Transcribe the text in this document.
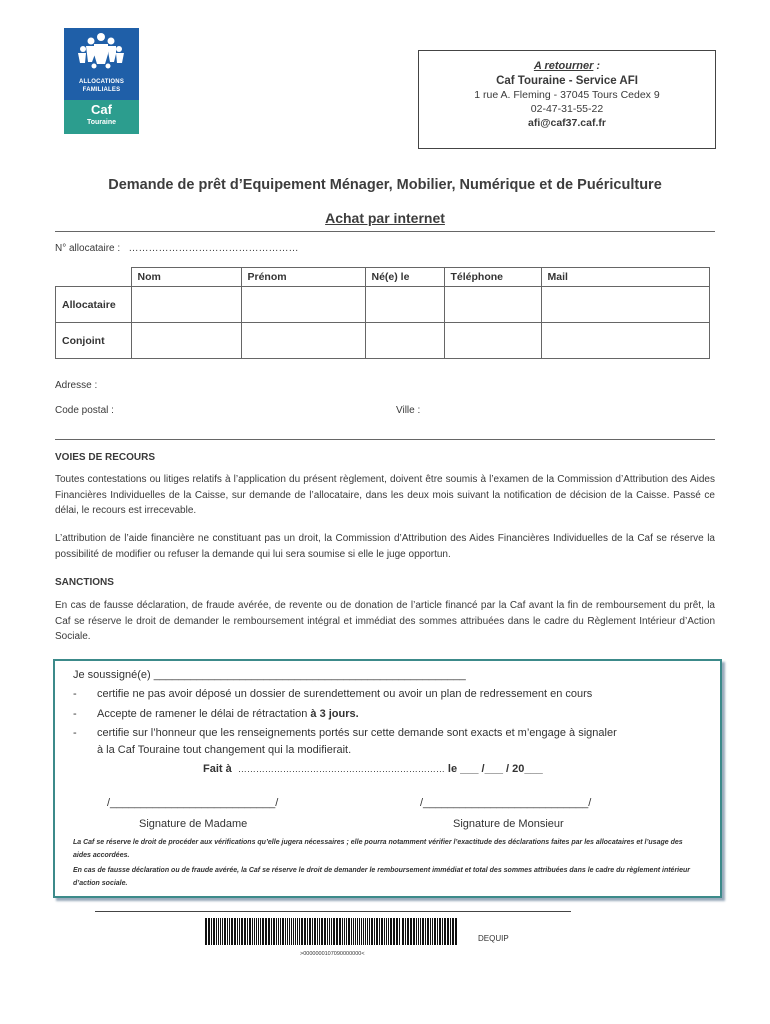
ALLOCATIONS
FAMILIALES
Caf
Touraine
A retourner :
Caf Touraine - Service AFI
1 rue A. Fleming - 37045 Tours Cedex 9
02-47-31-55-22
afi@caf37.caf.fr
Demande de prêt d’Equipement Ménager, Mobilier, Numérique et de Puériculture
Achat par internet
N° allocataire : ……………………………………………
	Nom	Prénom	Né(e) le	Téléphone	Mail
Allocataire					
Conjoint					
Adresse :
Code postal :	Ville :
VOIES DE RECOURS
Toutes contestations ou litiges relatifs à l’application du présent règlement, doivent être soumis à l’examen de la Commission d’Attribution des Aides Financières Individuelles de la Caisse, sur demande de l’allocataire, dans les deux mois suivant la notification de décision de la Caisse. Passé ce délai, le recours est irrecevable.
L’attribution de l’aide financière ne constituant pas un droit, la Commission d’Attribution des Aides Financières Individuelles de la Caf se réserve la possibilité de modifier ou refuser la demande qui lui sera soumise si elle le juge opportun.
SANCTIONS
En cas de fausse déclaration, de fraude avérée, de revente ou de donation de l’article financé par la Caf avant la fin de remboursement du prêt, la Caf se réserve le droit de demander le remboursement intégral et immédiat des sommes attribuées dans le cadre du Règlement Intérieur d’Action Sociale.
Je soussigné(e) ___________________________________________________
- certifie ne pas avoir déposé un dossier de surendettement ou avoir un plan de redressement en cours
- Accepte de ramener le délai de rétractation à 3 jours.
- certifie sur l’honneur que les renseignements portés sur cette demande sont exacts et m’engage à signaler
à la Caf Touraine tout changement qui la modifierait.
Fait à …………………………………………………………… le ___ /___ / 20___
/___________________________/	/___________________________/
Signature de Madame	Signature de Monsieur
La Caf se réserve le droit de procéder aux vérifications qu’elle jugera nécessaires ; elle pourra notamment vérifier l’exactitude des déclarations faites par les allocataires et l’usage des aides accordées.
En cas de fausse déclaration ou de fraude avérée, la Caf se réserve le droit de demander le remboursement immédiat et total des sommes attribuées dans le cadre du règlement intérieur d’action sociale.
DEQUIP
>0000000107090000000<
